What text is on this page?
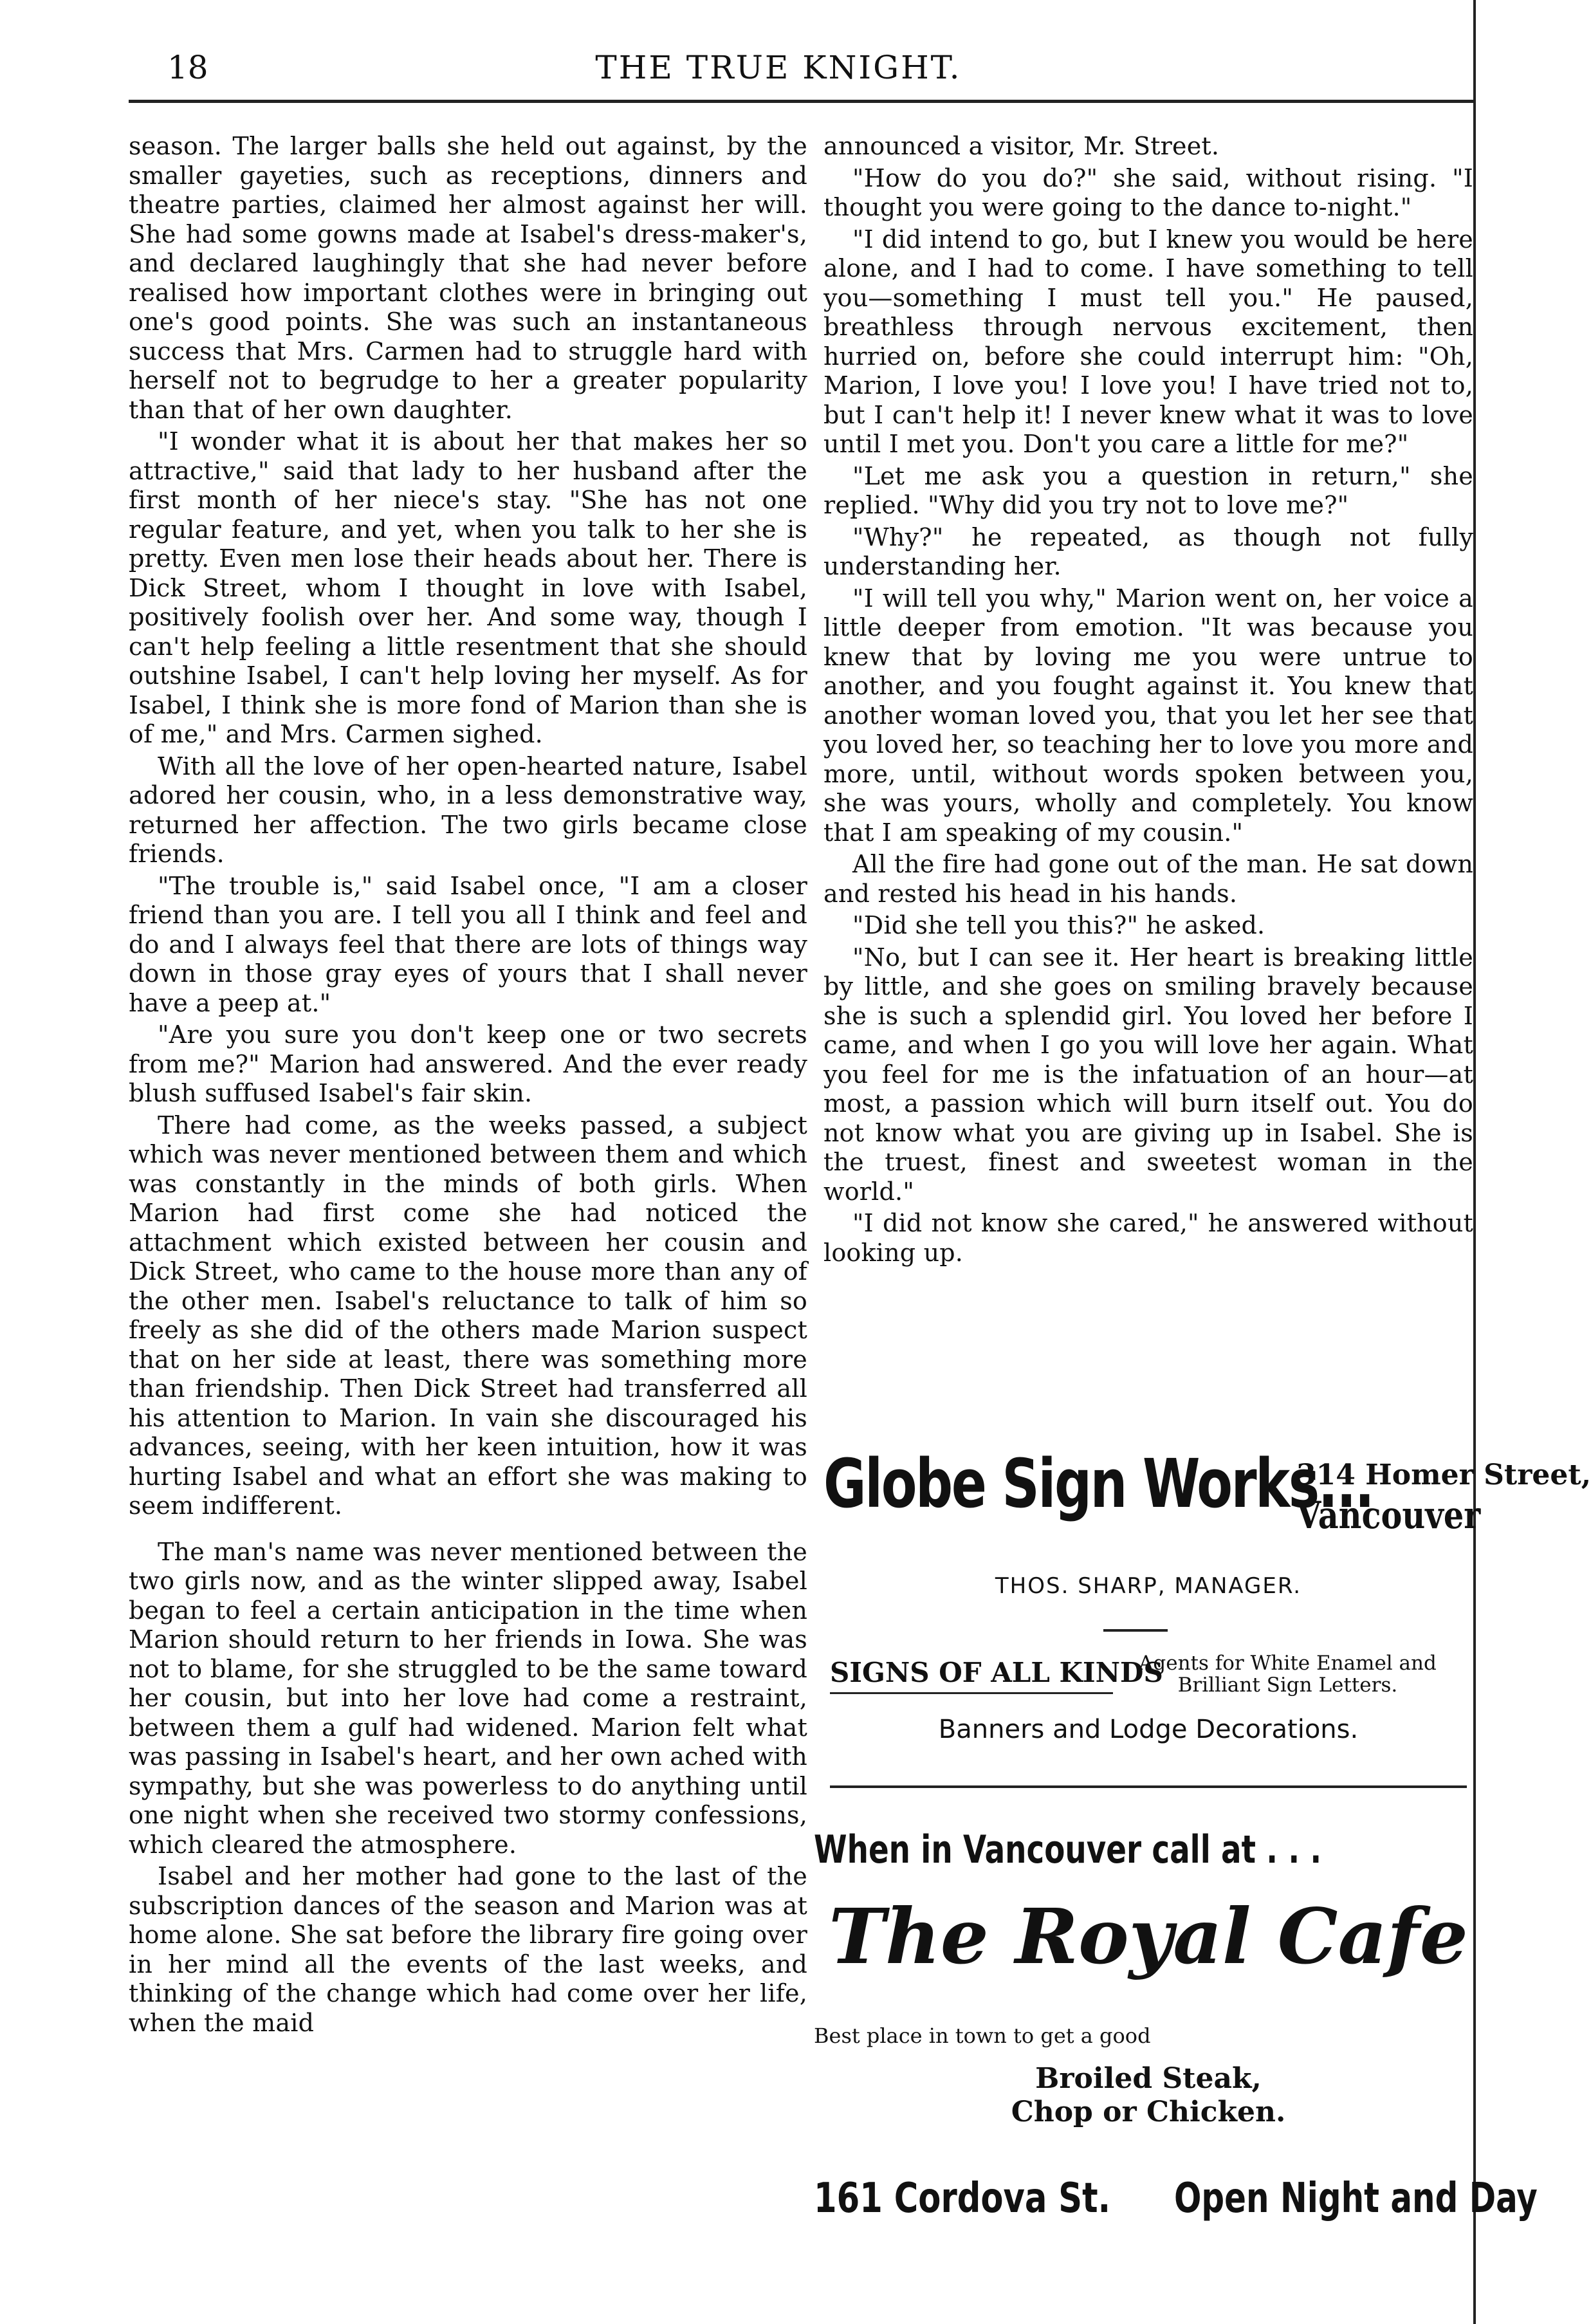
18	THE TRUE KNIGHT.

season. The larger balls she held out against, by the smaller gayeties, such as receptions, dinners and theatre parties, claimed her almost against her will. She had some gowns made at Isabel's dress-maker's, and declared laughingly that she had never before realised how important clothes were in bringing out one's good points. She was such an instantaneous success that Mrs. Carmen had to struggle hard with herself not to begrudge to her a greater popularity than that of her own daughter.

"I wonder what it is about her that makes her so attractive," said that lady to her husband after the first month of her niece's stay. "She has not one regular feature, and yet, when you talk to her she is pretty. Even men lose their heads about her. There is Dick Street, whom I thought in love with Isabel, positively foolish over her. And some way, though I can't help feeling a little resentment that she should outshine Isabel, I can't help loving her myself. As for Isabel, I think she is more fond of Marion than she is of me," and Mrs. Carmen sighed.

With all the love of her open-hearted nature, Isabel adored her cousin, who, in a less demonstrative way, returned her affection. The two girls became close friends.

"The trouble is," said Isabel once, "I am a closer friend than you are. I tell you all I think and feel and do and I always feel that there are lots of things way down in those gray eyes of yours that I shall never have a peep at."

"Are you sure you don't keep one or two secrets from me?" Marion had answered. And the ever ready blush suffused Isabel's fair skin.

There had come, as the weeks passed, a subject which was never mentioned between them and which was constantly in the minds of both girls. When Marion had first come she had noticed the attachment which existed between her cousin and Dick Street, who came to the house more than any of the other men. Isabel's reluctance to talk of him so freely as she did of the others made Marion suspect that on her side at least, there was something more than friendship. Then Dick Street had transferred all his attention to Marion. In vain she discouraged his advances, seeing, with her keen intuition, how it was hurting Isabel and what an effort she was making to seem indifferent.

The man's name was never mentioned between the two girls now, and as the winter slipped away, Isabel began to feel a certain anticipation in the time when Marion should return to her friends in Iowa. She was not to blame, for she struggled to be the same toward her cousin, but into her love had come a restraint, between them a gulf had widened. Marion felt what was passing in Isabel's heart, and her own ached with sympathy, but she was powerless to do anything until one night when she received two stormy confessions, which cleared the atmosphere.

Isabel and her mother had gone to the last of the subscription dances of the season and Marion was at home alone. She sat before the library fire going over in her mind all the events of the last weeks, and thinking of the change which had come over her life, when the maid

announced a visitor, Mr. Street.

"How do you do?" she said, without rising. "I thought you were going to the dance to-night."

"I did intend to go, but I knew you would be here alone, and I had to come. I have something to tell you—something I must tell you." He paused, breathless through nervous excitement, then hurried on, before she could interrupt him: "Oh, Marion, I love you! I love you! I have tried not to, but I can't help it! I never knew what it was to love until I met you. Don't you care a little for me?"

"Let me ask you a question in return," she replied. "Why did you try not to love me?"

"Why?" he repeated, as though not fully understanding her.

"I will tell you why," Marion went on, her voice a little deeper from emotion. "It was because you knew that by loving me you were untrue to another, and you fought against it. You knew that another woman loved you, that you let her see that you loved her, so teaching her to love you more and more, until, without words spoken between you, she was yours, wholly and completely. You know that I am speaking of my cousin."

All the fire had gone out of the man. He sat down and rested his head in his hands.

"Did she tell you this?" he asked.

"No, but I can see it. Her heart is breaking little by little, and she goes on smiling bravely because she is such a splendid girl. You loved her before I came, and when I go you will love her again. What you feel for me is the infatuation of an hour—at most, a passion which will burn itself out. You do not know what you are giving up in Isabel. She is the truest, finest and sweetest woman in the world."

"I did not know she cared," he answered without looking up.

Globe Sign Works...
314 Homer Street,
Vancouver
THOS. SHARP, MANAGER.
SIGNS OF ALL KINDS
Agents for White Enamel and
Brilliant Sign Letters.
Banners and Lodge Decorations.
When in Vancouver call at . . .
The Royal Cafe
Best place in town to get a good
Broiled Steak,
Chop or Chicken.
161 Cordova St. Open Night and Day
